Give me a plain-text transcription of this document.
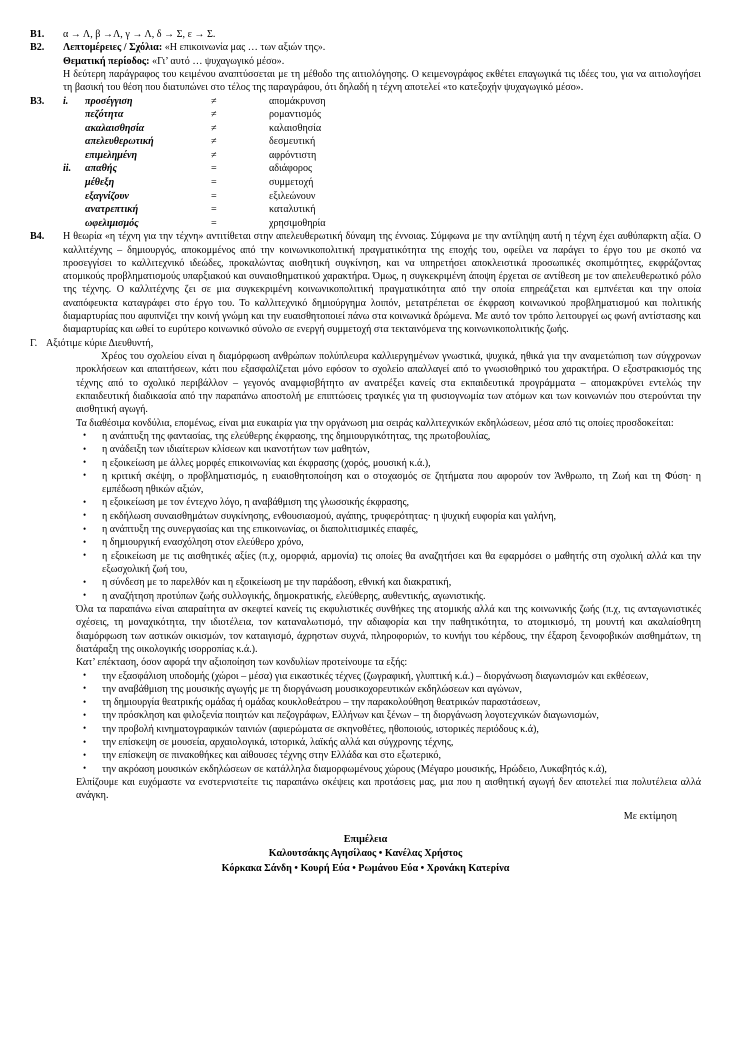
B1.	α → Λ, β →Λ, γ → Λ, δ → Σ, ε → Σ.
B2.	Λεπτομέρειες / Σχόλια: «Η επικοινωνία μας … των αξιών της».
Θεματική περίοδος: «Γι’ αυτό … ψυχαγωγικό μέσο».
Η δεύτερη παράγραφος του κειμένου αναπτύσσεται με τη μέθοδο της αιτιολόγησης. Ο κειμενογράφος εκθέτει επαγωγικά τις ιδέες του, για να αιτιολογήσει τη βασική του θέση που διατυπώνει στο τέλος της παραγράφου, ότι δηλαδή η τέχνη αποτελεί «το κατεξοχήν ψυχαγωγικό μέσο».
B3.	i.	προσέγγιση	≠	απομάκρυνση
	πεζότητα	≠	ρομαντισμός
	ακαλαισθησία	≠	καλαισθησία
	απελευθερωτική	≠	δεσμευτική
	επιμελημένη	≠	αφρόντιστη
ii.	απαθής	=	αδιάφορος
	μέθεξη	=	συμμετοχή
	εξαγνίζουν	=	εξιλεώνουν
	ανατρεπτική	=	καταλυτική
	ωφελιμισμός	=	χρησιμοθηρία
B4.	Η θεωρία «η τέχνη για την τέχνη» αντιτίθεται στην απελευθερωτική δύναμη της έννοιας. Σύμφωνα με την αντίληψη αυτή η τέχνη έχει αυθύπαρκτη αξία. Ο καλλιτέχνης – δημιουργός, αποκομμένος από την κοινωνικοπολιτική πραγματικότητα της εποχής του, οφείλει να παράγει το έργο του με σκοπό να προσεγγίσει το καλλιτεχνικό ιδεώδες, προκαλώντας αισθητική συγκίνηση, και να υπηρετήσει αποκλειστικά προσωπικές σκοπιμότητες, εκφράζοντας ατομικούς προβληματισμούς υπαρξιακού και συναισθηματικού χαρακτήρα. Όμως, η συγκεκριμένη άποψη έρχεται σε αντίθεση με τον απελευθερωτικό ρόλο της τέχνης. Ο καλλιτέχνης ζει σε μια συγκεκριμένη κοινωνικοπολιτική πραγματικότητα από την οποία επηρεάζεται και εμπνέεται και την οποία αναπόφευκτα καταγράφει στο έργο του. Το καλλιτεχνικό δημιούργημα λοιπόν, μετατρέπεται σε έκφραση κοινωνικού προβληματισμού και πολιτικής διαμαρτυρίας που αφυπνίζει την κοινή γνώμη και την ευαισθητοποιεί πάνω στα κοινωνικά δρώμενα. Με αυτό τον τρόπο λειτουργεί ως φωνή αντίστασης και διαμαρτυρίας και ωθεί το ευρύτερο κοινωνικό σύνολο σε ενεργή συμμετοχή στα τεκταινόμενα της κοινωνικοπολιτικής ζωής.
Γ. Αξιότιμε κύριε Διευθυντή,
Χρέος του σχολείου είναι η διαμόρφωση ανθρώπων πολύπλευρα καλλιεργημένων γνωστικά, ψυχικά, ηθικά για την αναμετώπιση των σύγχρονων προκλήσεων και απαιτήσεων, κάτι που εξασφαλίζεται μόνο εφόσον το σχολείο απαλλαγεί από το γνωσιοθηρικό του χαρακτήρα. Ο εξοστρακισμός της τέχνης από το σχολικό περιβάλλον – γεγονός αναμφισβήτητο αν ανατρέξει κανείς στα εκπαιδευτικά προγράμματα – απομακρύνει εντελώς την εκπαιδευτική διαδικασία από την παραπάνω αποστολή με επιπτώσεις τραγικές για τη φυσιογνωμία των ατόμων και των κοινωνιών που στερούνται την αισθητική αγωγή.
Τα διαθέσιμα κονδύλια, επομένως, είναι μια ευκαιρία για την οργάνωση μια σειράς καλλιτεχνικών εκδηλώσεων, μέσα από τις οποίες προσδοκείται:
• η ανάπτυξη της φαντασίας, της ελεύθερης έκφρασης, της δημιουργικότητας, της πρωτοβουλίας,
• η ανάδειξη των ιδιαίτερων κλίσεων και ικανοτήτων των μαθητών,
• η εξοικείωση με άλλες μορφές επικοινωνίας και έκφρασης (χορός, μουσική κ.ά.),
• η κριτική σκέψη, ο προβληματισμός, η ευαισθητοποίηση και ο στοχασμός σε ζητήματα που αφορούν τον Άνθρωπο, τη Ζωή και τη Φύση· η εμπέδωση ηθικών αξιών,
• η εξοικείωση με τον έντεχνο λόγο, η αναβάθμιση της γλωσσικής έκφρασης,
• η εκδήλωση συναισθημάτων συγκίνησης, ενθουσιασμού, αγάπης, τρυφερότητας· η ψυχική ευφορία και γαλήνη,
• η ανάπτυξη της συνεργασίας και της επικοινωνίας, οι διαπολιτισμικές επαφές,
• η δημιουργική ενασχόληση στον ελεύθερο χρόνο,
• η εξοικείωση με τις αισθητικές αξίες (π.χ, ομορφιά, αρμονία) τις οποίες θα αναζητήσει και θα εφαρμόσει ο μαθητής στη σχολική αλλά και την εξωσχολική ζωή του,
• η σύνδεση με το παρελθόν και η εξοικείωση με την παράδοση, εθνική και διακρατική,
• η αναζήτηση προτύπων ζωής συλλογικής, δημοκρατικής, ελεύθερης, αυθεντικής, αγωνιστικής.
Όλα τα παραπάνω είναι απαραίτητα αν σκεφτεί κανείς τις εκφυλιστικές συνθήκες της ατομικής αλλά και της κοινωνικής ζωής (π.χ, τις ανταγωνιστικές σχέσεις, τη μοναχικότητα, την ιδιοτέλεια, τον καταναλωτισμό, την αδιαφορία και την παθητικότητα, το ατομικισμό, τη μουντή και ακαλαίσθητη διαμόρφωση των αστικών οικισμών, τον καταιγισμό, άχρηστων συχνά, πληροφοριών, το κυνήγι του κέρδους, την έξαρση ξενοφοβικών αισθημάτων, τη διατάραξη της οικολογικής ισορροπίας κ.ά.).
Κατ’ επέκταση, όσον αφορά την αξιοποίηση των κονδυλίων προτείνουμε τα εξής:
• την εξασφάλιση υποδομής (χώροι – μέσα) για εικαστικές τέχνες (ζωγραφική, γλυπτική κ.ά.) – διοργάνωση διαγωνισμών και εκθέσεων,
• την αναβάθμιση της μουσικής αγωγής με τη διοργάνωση μουσικοχορευτικών εκδηλώσεων και αγώνων,
• τη δημιουργία θεατρικής ομάδας ή ομάδας κουκλοθεάτρου – την παρακολούθηση θεατρικών παραστάσεων,
• την πρόσκληση και φιλοξενία ποιητών και πεζογράφων, Ελλήνων και ξένων – τη διοργάνωση λογοτεχνικών διαγωνισμών,
• την προβολή κινηματογραφικών ταινιών (αφιερώματα σε σκηνοθέτες, ηθοποιούς, ιστορικές περιόδους κ.ά),
• την επίσκεψη σε μουσεία, αρχαιολογικά, ιστορικά, λαϊκής αλλά και σύγχρονης τέχνης,
• την επίσκεψη σε πινακοθήκες και αίθουσες τέχνης στην Ελλάδα και στο εξωτερικό,
• την ακρόαση μουσικών εκδηλώσεων σε κατάλληλα διαμορφωμένους χώρους (Μέγαρο μουσικής, Ηρώδειο, Λυκαβητός κ.ά),
Ελπίζουμε και ευχόμαστε να ενστερνιστείτε τις παραπάνω σκέψεις και προτάσεις μας, μια που η αισθητική αγωγή δεν αποτελεί πια πολυτέλεια αλλά ανάγκη.
Με εκτίμηση
Επιμέλεια
Καλουτσάκης Αγησίλαος • Κανέλας Χρήστος
Κόρκακα Σάνδη • Κουρή Εύα • Ρωμάνου Εύα • Χρονάκη Κατερίνα
